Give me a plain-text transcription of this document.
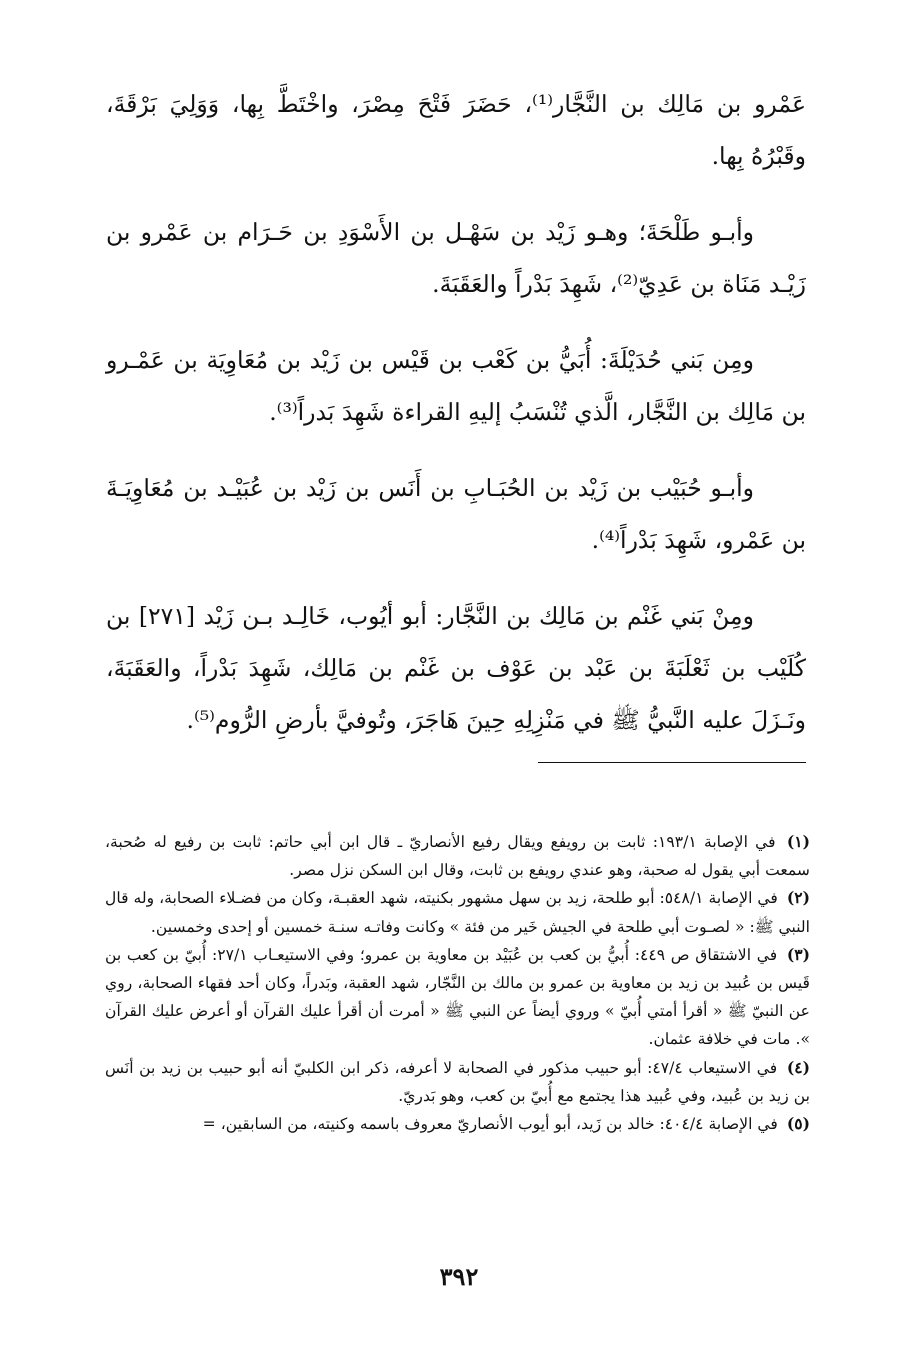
عَمْرو بن مَالِك بن النَّجَّار⁽¹⁾، حَضَرَ فَتْحَ مِصْرَ، واخْتَطَّ بِها، وَوَلِيَ بَرْقَةَ، وقَبْرُهُ بِها.

وأبـو طَلْحَةَ؛ وهـو زَيْد بن سَهْـل بن الأَسْوَدِ بن حَـرَام بن عَمْرو بن زَيْـد مَنَاة بن عَدِيّ⁽²⁾، شَهِدَ بَدْراً والعَقَبَةَ.

ومِن بَني حُدَيْلَةَ: أُبَيُّ بن كَعْب بن قَيْس بن زَيْد بن مُعَاوِيَة بن عَمْـرو بن مَالِك بن النَّجَّار، الَّذي تُنْسَبُ إليهِ القراءة شَهِدَ بَدراً⁽³⁾.

وأبـو حُبَيْب بن زَيْد بن الحُبَـابِ بن أَنَس بن زَيْد بن عُبَيْـد بن مُعَاوِيَـةَ بن عَمْرو، شَهِدَ بَدْراً⁽⁴⁾.

ومِنْ بَني غَنْم بن مَالِك بن النَّجَّار: أبو أيُوب، خَالِـد بـن زَيْد [٢٧١] بن كُلَيْب بن ثَعْلَبَةَ بن عَبْد بن عَوْف بن غَنْم بن مَالِك، شَهِدَ بَدْراً، والعَقَبَةَ، ونَـزَلَ عليه النَّبيُّ ﷺ في مَنْزِلِهِ حِينَ هَاجَرَ، وتُوفيَّ بأرضِ الرُّوم⁽⁵⁾.

(١) في الإصابة ١٩٣/١: ثابت بن رويفع ويقال رفيع الأنصاريّ ـ قال ابن أبي حاتم: ثابت بن رفيع له صُحبة، سمعت أبي يقول له صحبة، وهو عندي رويفع بن ثابت، وقال ابن السكن نزل مصر.

(٢) في الإصابة ٥٤٨/١: أبو طلحة، زيد بن سهل مشهور بكنيته، شهد العقبـة، وكان من فضـلاء الصحابة، وله قال النبي ﷺ: « لصـوت أبي طلحة في الجيش خَير من فئة » وكانت وفاتـه سنـة خمسين أو إحدى وخمسين.

(٣) في الاشتقاق ص ٤٤٩: أُبيُّ بن كعب بن عُبَيْد بن معاوية بن عمرو؛ وفي الاستيعـاب ٢٧/١: أُبيّ بن كعب بن قَيس بن عُبيد بن زيد بن معاوية بن عمرو بن مالك بن النَّجّار، شهد العقبة، وبَدراً، وكان أحد فقهاء الصحابة، روي عن النبيّ ﷺ « أقرأ أمتي أُبيّ » وروي أيضاً عن النبي ﷺ « أمرت أن أقرأ عليك القرآن أو أعرض عليك القرآن ». مات في خلافة عثمان.

(٤) في الاستيعاب ٤٧/٤: أبو حبيب مذكور في الصحابة لا أعرفه، ذكر ابن الكلبيّ أنه أبو حبيب بن زيد بن أنَس بن زيد بن عُبيد، وفي عُبيد هذا يجتمع مع أُبيّ بن كعب، وهو بَدريّ.

(٥) في الإصابة ٤٠٤/٤: خالد بن زَيد، أبو أيوب الأنصاريّ معروف باسمه وكنيته، من السابقين، =

٣٩٢
